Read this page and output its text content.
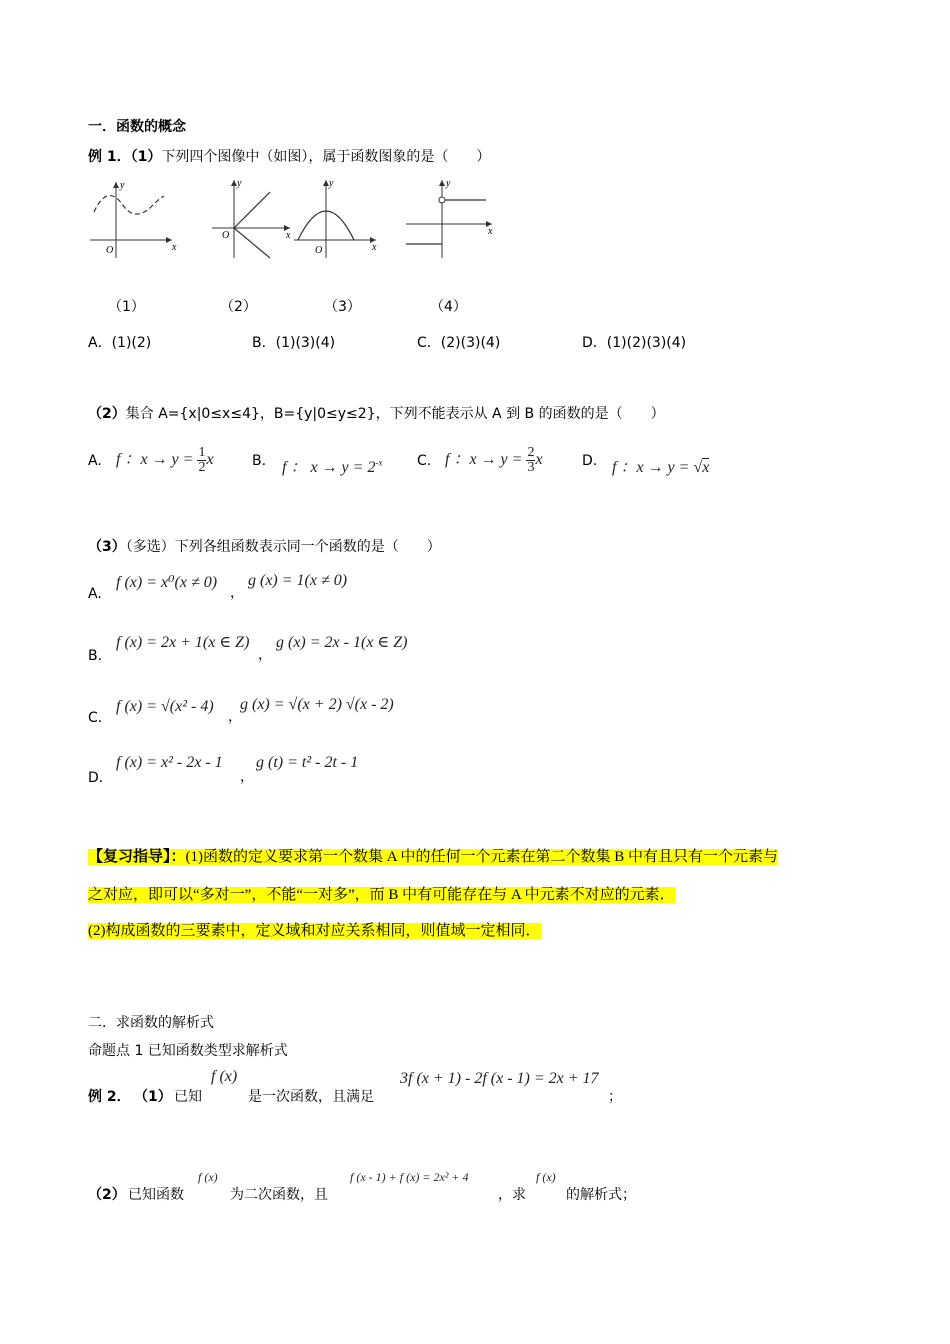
一．函数的概念
例 1．（1）下列四个图像中（如图），属于函数图象的是（　　）
y
x
O
y
x
O
y
x
O
y
x
（1）	（2）	（3）	（4）
A．(1)(2)	B．(1)(3)(4)	C．(2)(3)(4)	D．(1)(2)(3)(4)
（2）集合 A={x|0≤x≤4}，B={y|0≤y≤2}，下列不能表示从 A 到 B 的函数的是（　　）
A. f ：$x \to y = \frac{1}{2}$ x	B. f ： $x \to y = 2^{-x}$ C. f ：$x \to y = \frac{2}{3}$ x	D. f ：x → y = √x
（3）（多选）下列各组函数表示同一个函数的是（　　）
A.
f (x) = x⁰(x ≠ 0)
，
g (x) = 1(x ≠ 0)
B.
f (x) = 2x + 1(x ∈ Z)
，
g (x) = 2x - 1(x ∈ Z)
C.
f (x) = √(x² - 4)
，
g (x) = √(x + 2) √(x - 2)
D.
f (x) = x² - 2x - 1
，
g (t) = t² - 2t - 1
【复习指导】：(1)函数的定义要求第一个数集 A 中的任何一个元素在第二个数集 B 中有且只有一个元素与
之对应，即可以“多对一”，不能“一对多”，而 B 中有可能存在与 A 中元素不对应的元素．
(2)构成函数的三要素中，定义域和对应关系相同，则值域一定相同．
二．求函数的解析式
命题点 1 已知函数类型求解析式
例 2． （1） 已知
f (x)
是一次函数，且满足
3f (x + 1) - 2f (x - 1) = 2x + 17
；
（2） 已知函数
f (x)
为二次函数，且
f (x - 1) + f (x) = 2x² + 4
，求
f (x)
的解析式；
